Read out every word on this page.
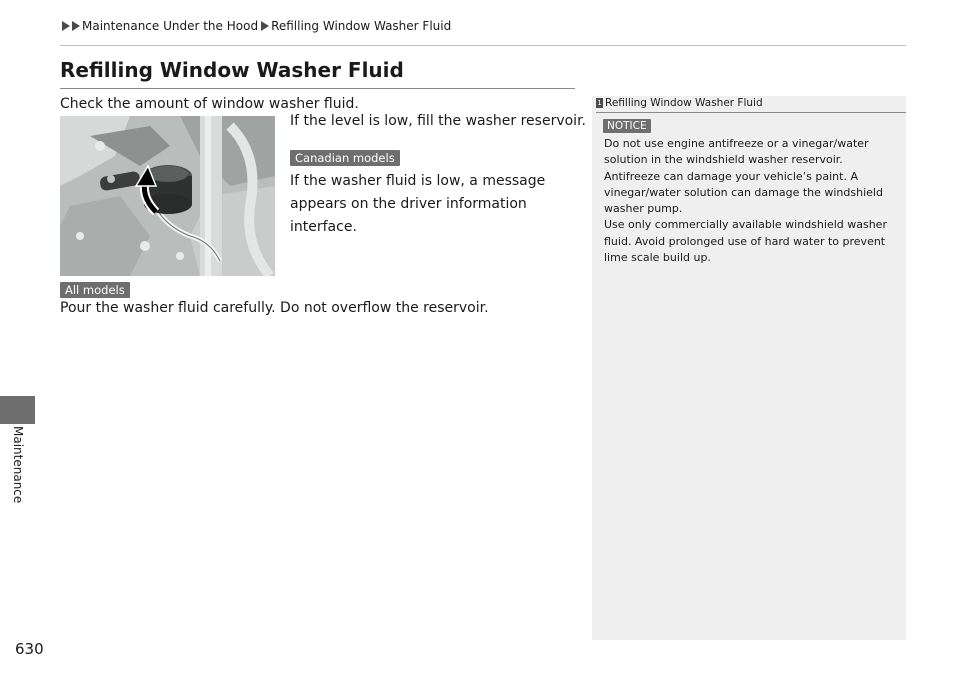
Maintenance Under the Hood Refilling Window Washer Fluid
Maintenance
Refilling Window Washer Fluid
Check the amount of window washer fluid.
If the level is low, fill the washer reservoir.
Canadian models
If the washer fluid is low, a message appears on the driver information interface.
All models
Pour the washer fluid carefully. Do not overflow the reservoir.
1 Refilling Window Washer Fluid
NOTICE

Do not use engine antifreeze or a vinegar/water solution in the windshield washer reservoir. Antifreeze can damage your vehicle’s paint. A vinegar/water solution can damage the windshield washer pump.

Use only commercially available windshield washer fluid. Avoid prolonged use of hard water to prevent lime scale build up.

630
